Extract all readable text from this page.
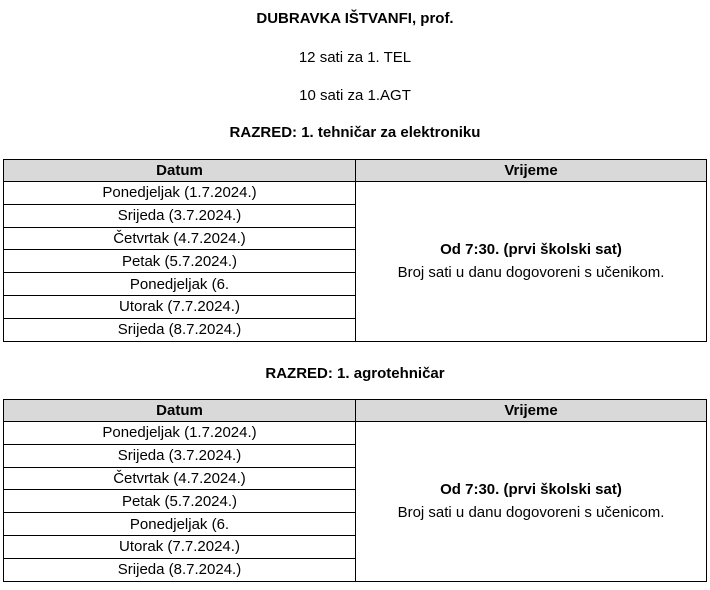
DUBRAVKA IŠTVANFI, prof.
12 sati za 1. TEL
10 sati za 1.AGT
RAZRED: 1. tehničar za elektroniku
Datum	Vrijeme
Ponedjeljak (1.7.2024.)	Od 7:30. (prvi školski sat)
Broj sati u danu dogovoreni s učenikom.

Srijeda (3.7.2024.)	
Četvrtak (4.7.2024.)	
Petak (5.7.2024.)	
Ponedjeljak (6.	
Utorak (7.7.2024.)	
Srijeda (8.7.2024.)	
RAZRED: 1. agrotehničar
Datum	Vrijeme
Ponedjeljak (1.7.2024.)	Od 7:30. (prvi školski sat)
Broj sati u danu dogovoreni s učenicom.

Srijeda (3.7.2024.)	
Četvrtak (4.7.2024.)	
Petak (5.7.2024.)	
Ponedjeljak (6.	
Utorak (7.7.2024.)	
Srijeda (8.7.2024.)	
